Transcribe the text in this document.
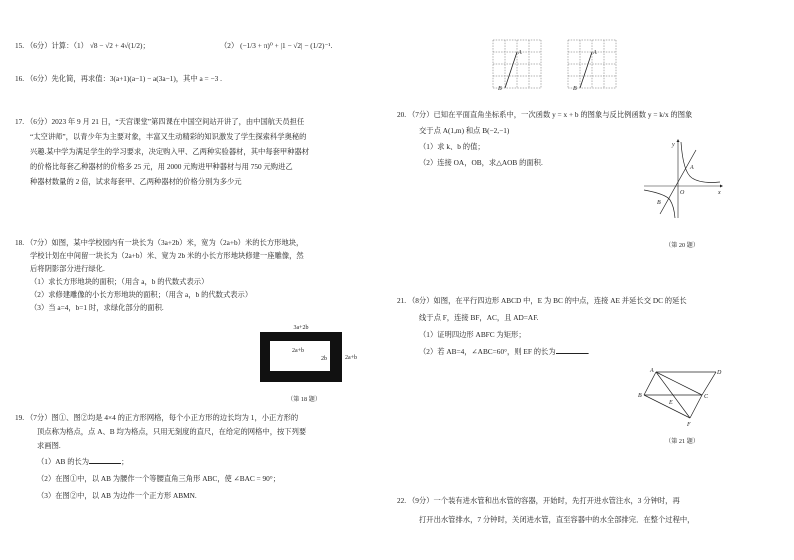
15. （6分）计算：（1） √8 − √2 + 4√(1/2)；	（2） (−1/3 + π)⁰ + |1 − √2| − (1/2)⁻¹.
16. （6分）先化简，再求值：3(a+1)(a−1) − a(3a−1)，其中 a = −3 .
17. （6分）2023 年 9 月 21 日，“天宫课堂”第四课在中国空间站开讲了，由中国航天员担任
“太空讲师”，以青少年为主要对象，丰富又生动精彩的知识激发了学生探索科学奥秘的
兴趣.某中学为满足学生的学习要求，决定购入甲、乙两种实验器材，其中每套甲种器材
的价格比每套乙种器材的价格多 25 元，用 2000 元购进甲种器材与用 750 元购进乙
种器材数量的 2 倍，试求每套甲、乙两种器材的价格分别为多少元
18. （7分）如图，某中学校园内有一块长为（3a+2b）米，宽为（2a+b）米的长方形地块，
学校计划在中间留一块长为（2a+b）米、宽为 2b 米的小长方形地块修建一座雕像，然
后将阴影部分进行绿化.
（1）求长方形地块的面积；（用含 a，b 的代数式表示）
（2）求修建雕像的小长方形地块的面积；（用含 a，b 的代数式表示）
（3）当 a=4，b=1 时，求绿化部分的面积.
3a+2b
2a+b
2a+b
2b
（第 18 题）
19. （7分）图①、图②均是 4×4 的正方形网格，每个小正方形的边长均为 1，小正方形的
顶点称为格点，点 A、B 均为格点，只用无刻度的直尺，在给定的网格中，按下列要
求画图.
（1）AB 的长为	；
（2）在图①中，以 AB 为腰作一个等腰直角三角形 ABC，使 ∠BAC = 90°；
（3）在图②中，以 AB 为边作一个正方形 ABMN.
A
B
A
B
20. （7分）已知在平面直角坐标系中，一次函数 y = x + b 的图象与反比例函数 y = k/x 的图象
交于点 A(1,m) 和点 B(−2,−1)
（1）求 k、b 的值；
（2）连接 OA，OB，求△AOB 的面积.
y
x
O
A
B
（第 20 题）
21. （8分）如图，在平行四边形 ABCD 中，E 为 BC 的中点，连接 AE 并延长交 DC 的延长
线于点 F，连接 BF，AC，且 AD=AF.
（1）证明四边形 ABFC 为矩形；
（2）若 AB=4，∠ABC=60°，则 EF 的长为	.
A	D
B
E
C
F
（第 21 题）
22. （9分）一个装有进水管和出水管的容器，开始时，先打开进水管注水，3 分钟时，再
打开出水管排水，7 分钟时，关闭进水管，直至容器中的水全部排完．在整个过程中，
